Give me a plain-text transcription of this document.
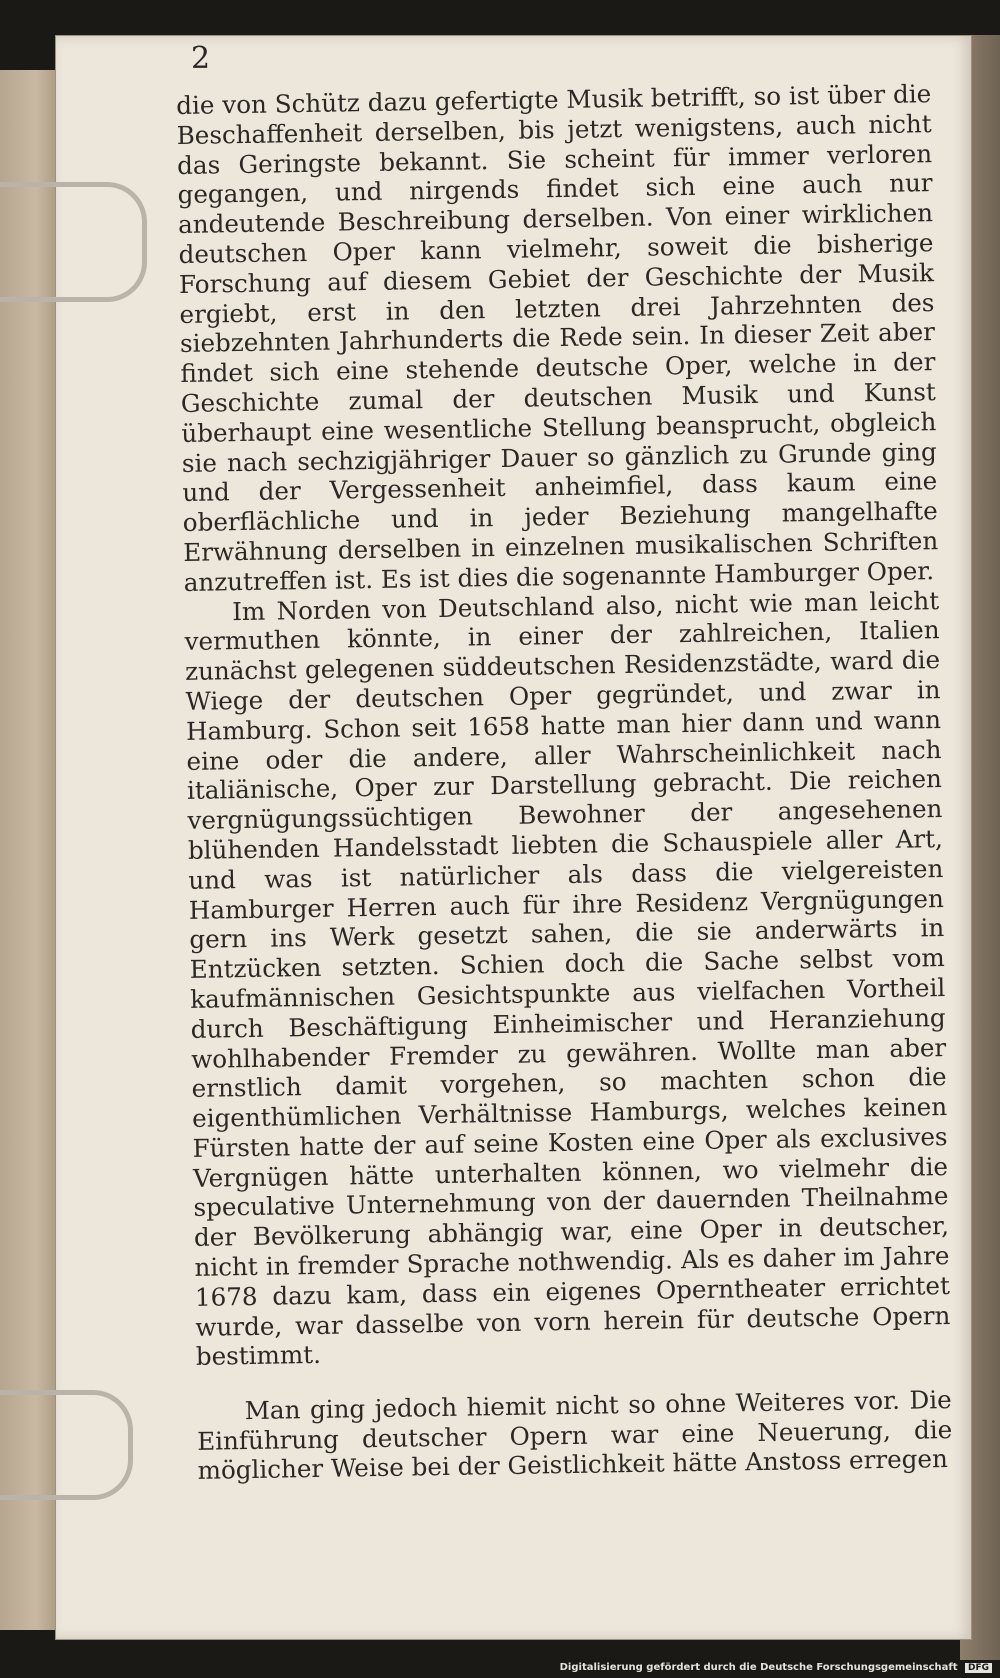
2

die von Schütz dazu gefertigte Musik betrifft, so ist über die Beschaffenheit derselben, bis jetzt wenigstens, auch nicht das Geringste bekannt. Sie scheint für immer verloren gegangen, und nirgends findet sich eine auch nur andeutende Beschreibung derselben. Von einer wirklichen deutschen Oper kann vielmehr, soweit die bisherige Forschung auf diesem Gebiet der Geschichte der Musik ergiebt, erst in den letzten drei Jahrzehnten des siebzehnten Jahrhunderts die Rede sein. In dieser Zeit aber findet sich eine stehende deutsche Oper, welche in der Geschichte zumal der deutschen Musik und Kunst überhaupt eine wesentliche Stellung beansprucht, obgleich sie nach sechzigjähriger Dauer so gänzlich zu Grunde ging und der Vergessenheit anheimfiel, dass kaum eine oberflächliche und in jeder Beziehung mangelhafte Erwähnung derselben in einzelnen musikalischen Schriften anzutreffen ist. Es ist dies die sogenannte Hamburger Oper.

Im Norden von Deutschland also, nicht wie man leicht vermuthen könnte, in einer der zahlreichen, Italien zunächst gelegenen süddeutschen Residenzstädte, ward die Wiege der deutschen Oper gegründet, und zwar in Hamburg. Schon seit 1658 hatte man hier dann und wann eine oder die andere, aller Wahrscheinlichkeit nach italiänische, Oper zur Darstellung gebracht. Die reichen vergnügungssüchtigen Bewohner der angesehenen blühenden Handelsstadt liebten die Schauspiele aller Art, und was ist natürlicher als dass die vielgereisten Hamburger Herren auch für ihre Residenz Vergnügungen gern ins Werk gesetzt sahen, die sie anderwärts in Entzücken setzten. Schien doch die Sache selbst vom kaufmännischen Gesichtspunkte aus vielfachen Vortheil durch Beschäftigung Einheimischer und Heranziehung wohlhabender Fremder zu gewähren. Wollte man aber ernstlich damit vorgehen, so machten schon die eigenthümlichen Verhältnisse Hamburgs, welches keinen Fürsten hatte der auf seine Kosten eine Oper als exclusives Vergnügen hätte unterhalten können, wo vielmehr die speculative Unternehmung von der dauernden Theilnahme der Bevölkerung abhängig war, eine Oper in deutscher, nicht in fremder Sprache nothwendig. Als es daher im Jahre 1678 dazu kam, dass ein eigenes Operntheater errichtet wurde, war dasselbe von vorn herein für deutsche Opern bestimmt.

Man ging jedoch hiemit nicht so ohne Weiteres vor. Die Einführung deutscher Opern war eine Neuerung, die möglicher Weise bei der Geistlichkeit hätte Anstoss erregen

Digitalisierung gefördert durch die Deutsche Forschungsgemeinschaft DFG
